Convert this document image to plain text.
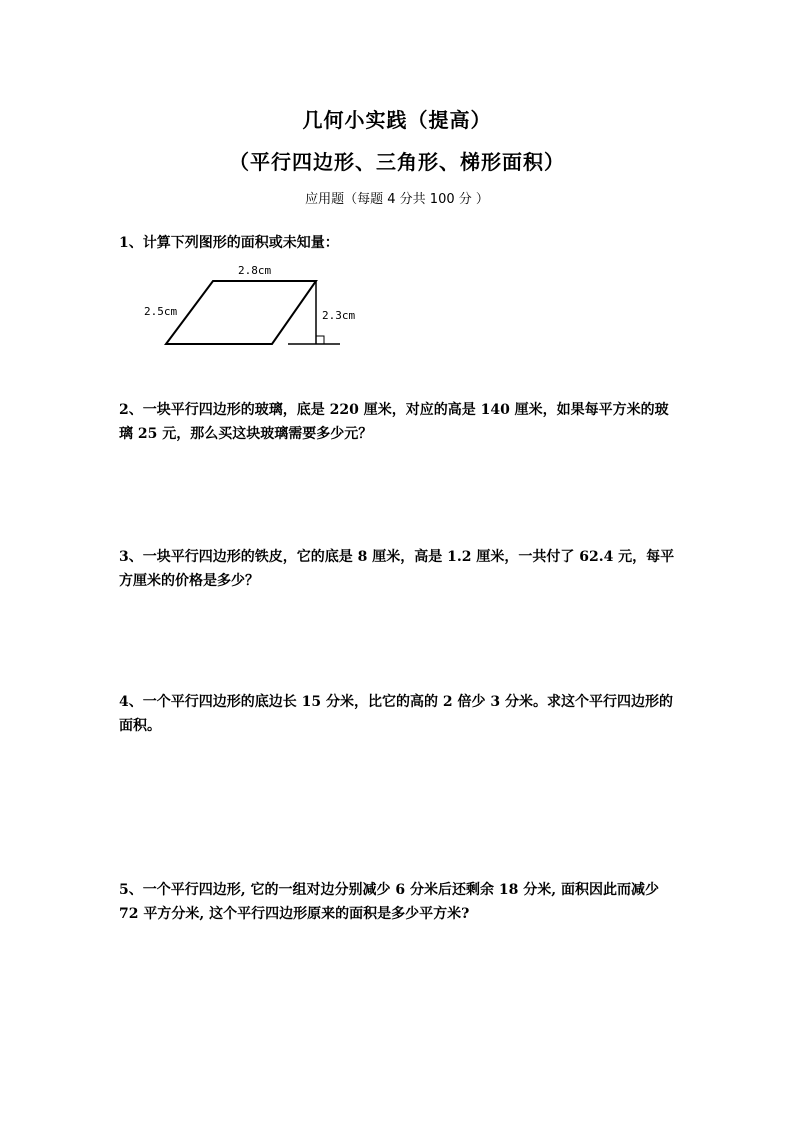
几何小实践（提高）
（平行四边形、三角形、梯形面积）
应用题（每题 4 分共 100 分 ）
1、计算下列图形的面积或未知量：
2.8cm
2.5cm	2.3cm
2、一块平行四边形的玻璃，底是 220 厘米，对应的高是 140 厘米，如果每平方米的玻璃 25 元，那么买这块玻璃需要多少元？
3、一块平行四边形的铁皮，它的底是 8 厘米，高是 1.2 厘米，一共付了 62.4 元，每平方厘米的价格是多少？
4、一个平行四边形的底边长 15 分米，比它的高的 2 倍少 3 分米。求这个平行四边形的面积。
5、一个平行四边形, 它的一组对边分别减少 6 分米后还剩余 18 分米, 面积因此而减少 72 平方分米, 这个平行四边形原来的面积是多少平方米?
